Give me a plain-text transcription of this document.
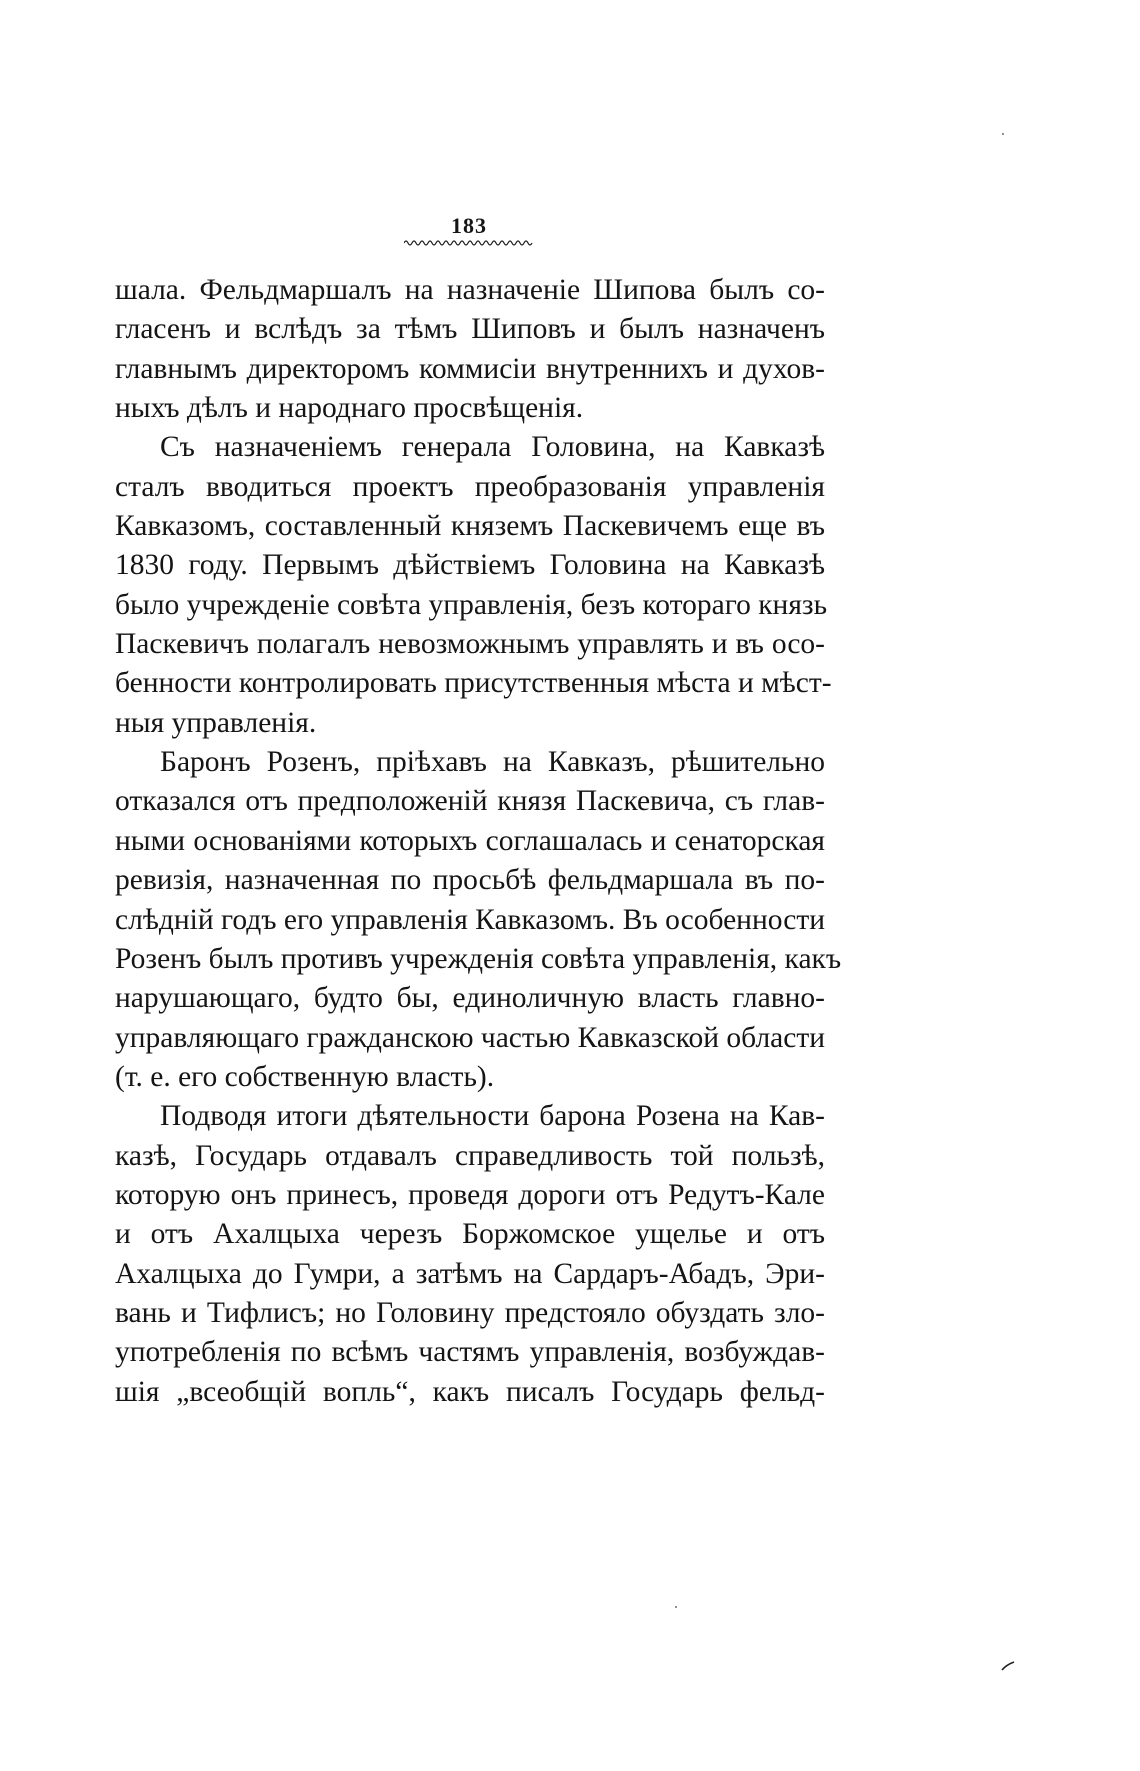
183
шала. Фельдмаршалъ на назначеніе Шипова былъ со-
гласенъ и вслѣдъ за тѣмъ Шиповъ и былъ назначенъ
главнымъ директоромъ коммисіи внутреннихъ и духов-
ныхъ дѣлъ и народнаго просвѣщенія.
Съ назначеніемъ генерала Головина, на Кавказѣ
сталъ вводиться проектъ преобразованія управленія
Кавказомъ, составленный княземъ Паскевичемъ еще въ
1830 году. Первымъ дѣйствіемъ Головина на Кавказѣ
было учрежденіе совѣта управленія, безъ котораго князь
Паскевичъ полагалъ невозможнымъ управлять и въ осо-
бенности контролировать присутственныя мѣста и мѣст-
ныя управленія.
Баронъ Розенъ, пріѣхавъ на Кавказъ, рѣшительно
отказался отъ предположеній князя Паскевича, съ глав-
ными основаніями которыхъ соглашалась и сенаторская
ревизія, назначенная по просьбѣ фельдмаршала въ по-
слѣдній годъ его управленія Кавказомъ. Въ особенности
Розенъ былъ противъ учрежденія совѣта управленія, какъ
нарушающаго, будто бы, единоличную власть главно-
управляющаго гражданскою частью Кавказской области
(т. е. его собственную власть).
Подводя итоги дѣятельности барона Розена на Кав-
казѣ, Государь отдавалъ справедливость той пользѣ,
которую онъ принесъ, проведя дороги отъ Редутъ-Кале
и отъ Ахалцыха черезъ Боржомское ущелье и отъ
Ахалцыха до Гумри, а затѣмъ на Сардаръ-Абадъ, Эри-
вань и Тифлисъ; но Головину предстояло обуздать зло-
употребленія по всѣмъ частямъ управленія, возбуждав-
шія „всеобщій вопль“, какъ писалъ Государь фельд-
